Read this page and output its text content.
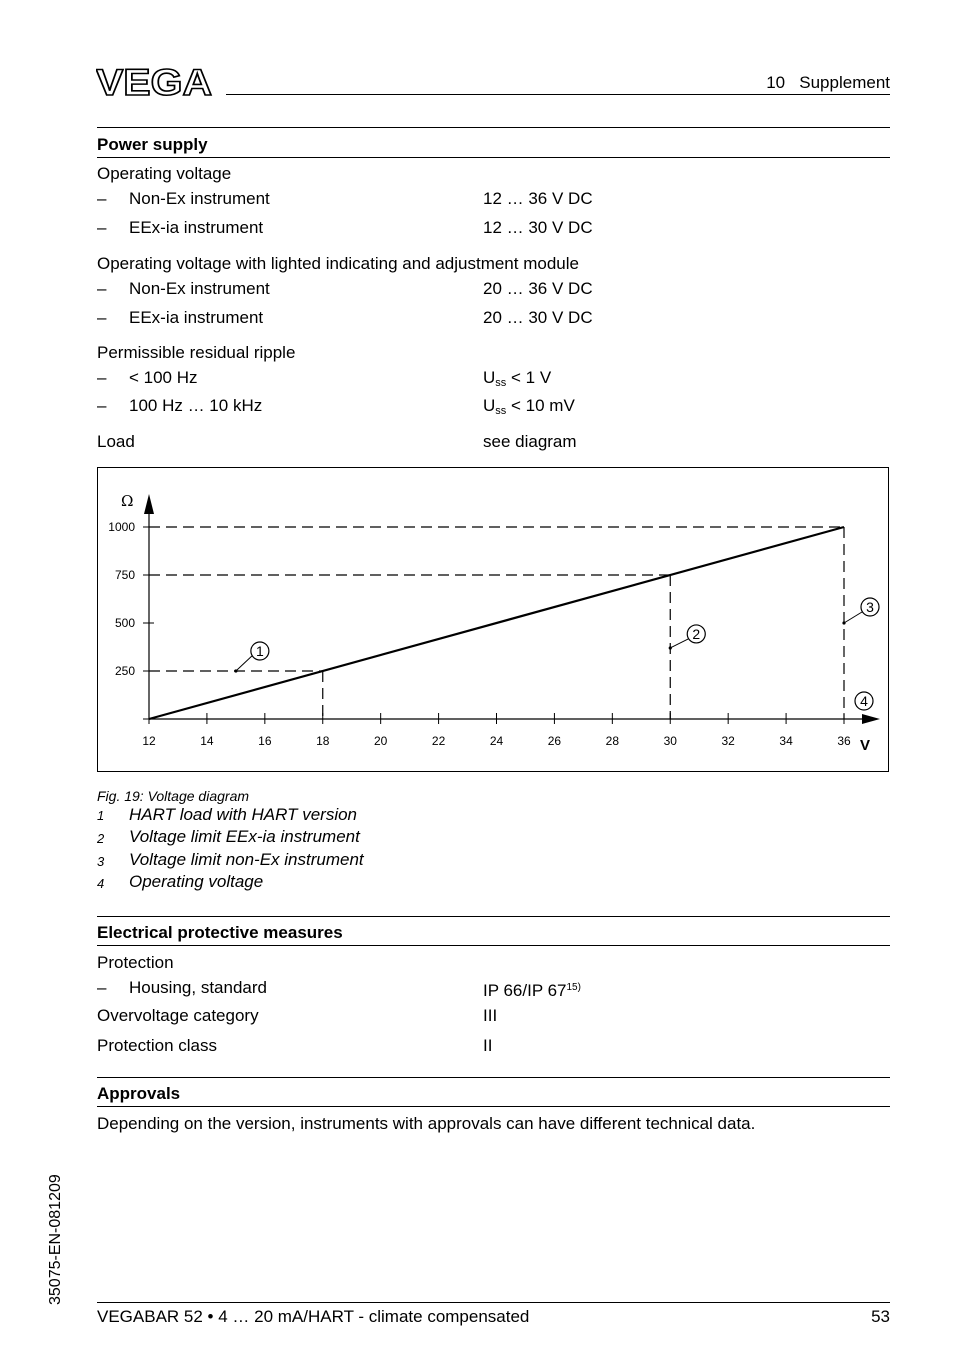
VEGA	10   Supplement
Power supply
Operating voltage
– Non-Ex instrument	12 … 36 V DC
– EEx-ia instrument	12 … 30 V DC
Operating voltage with lighted indicating and adjustment module
– Non-Ex instrument	20 … 36 V DC
– EEx-ia instrument	20 … 30 V DC
Permissible residual ripple
– < 100 Hz	$U_{ss} < 1$ V
– 100 Hz … 10 kHz	$U_{ss} < 10$ mV
Load	see diagram
Ω
V
12	14	16	18	20	22	24	26	28	30	32	34	36
250
500
750
1000
1
2
3
4
Fig. 19: Voltage diagram
1 HART load with HART version
2 Voltage limit EEx-ia instrument
3 Voltage limit non-Ex instrument
4 Operating voltage
Electrical protective measures
Protection
– Housing, standard	IP 66/IP 67$^{15)}$
Overvoltage category	III
Protection class	II
Approvals
Depending on the version, instruments with approvals can have different technical data.
35075-EN-081209
VEGABAR 52 • 4 … 20 mA/HART - climate compensated	53
